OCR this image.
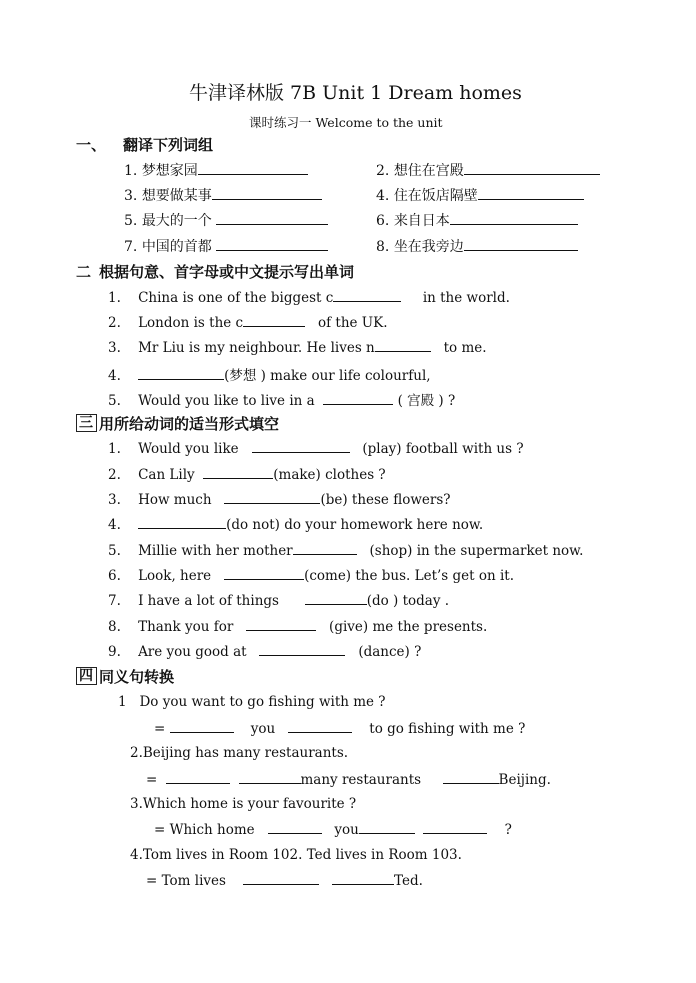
牛津译林版 7B Unit 1 Dream homes
课时练习一 Welcome to the unit
一、 翻译下列词组
1. 梦想家园	2. 想住在宫殿
3. 想要做某事	4. 住在饭店隔壁
5. 最大的一个	6. 来自日本
7. 中国的首都	8. 坐在我旁边
二 根据句意、首字母或中文提示写出单词
1. China is one of the biggest c	in the world.
2. London is the c	of the UK.
3. Mr Liu is my neighbour. He lives n	to me.
4.	(梦想 ) make our life colourful,
5. Would you like to live in a	( 宫殿 ) ?
三 用所给动词的适当形式填空
1. Would you like	(play) football with us ?
2. Can Lily	(make) clothes ?
3. How much	(be) these flowers?
4.	(do not) do your homework here now.
5. Millie with her mother	(shop) in the supermarket now.
6. Look, here	(come) the bus. Let’s get on it.
7. I have a lot of things	(do ) today .
8. Thank you for	(give) me the presents.
9. Are you good at	(dance) ?
四 同义句转换
1 Do you want to go fishing with me ?
=	you	to go fishing with me ?
2.Beijing has many restaurants.
=	many restaurants	Beijing.
3.Which home is your favourite ?
= Which home	you	?
4.Tom lives in Room 102. Ted lives in Room 103.
= Tom lives	Ted.
